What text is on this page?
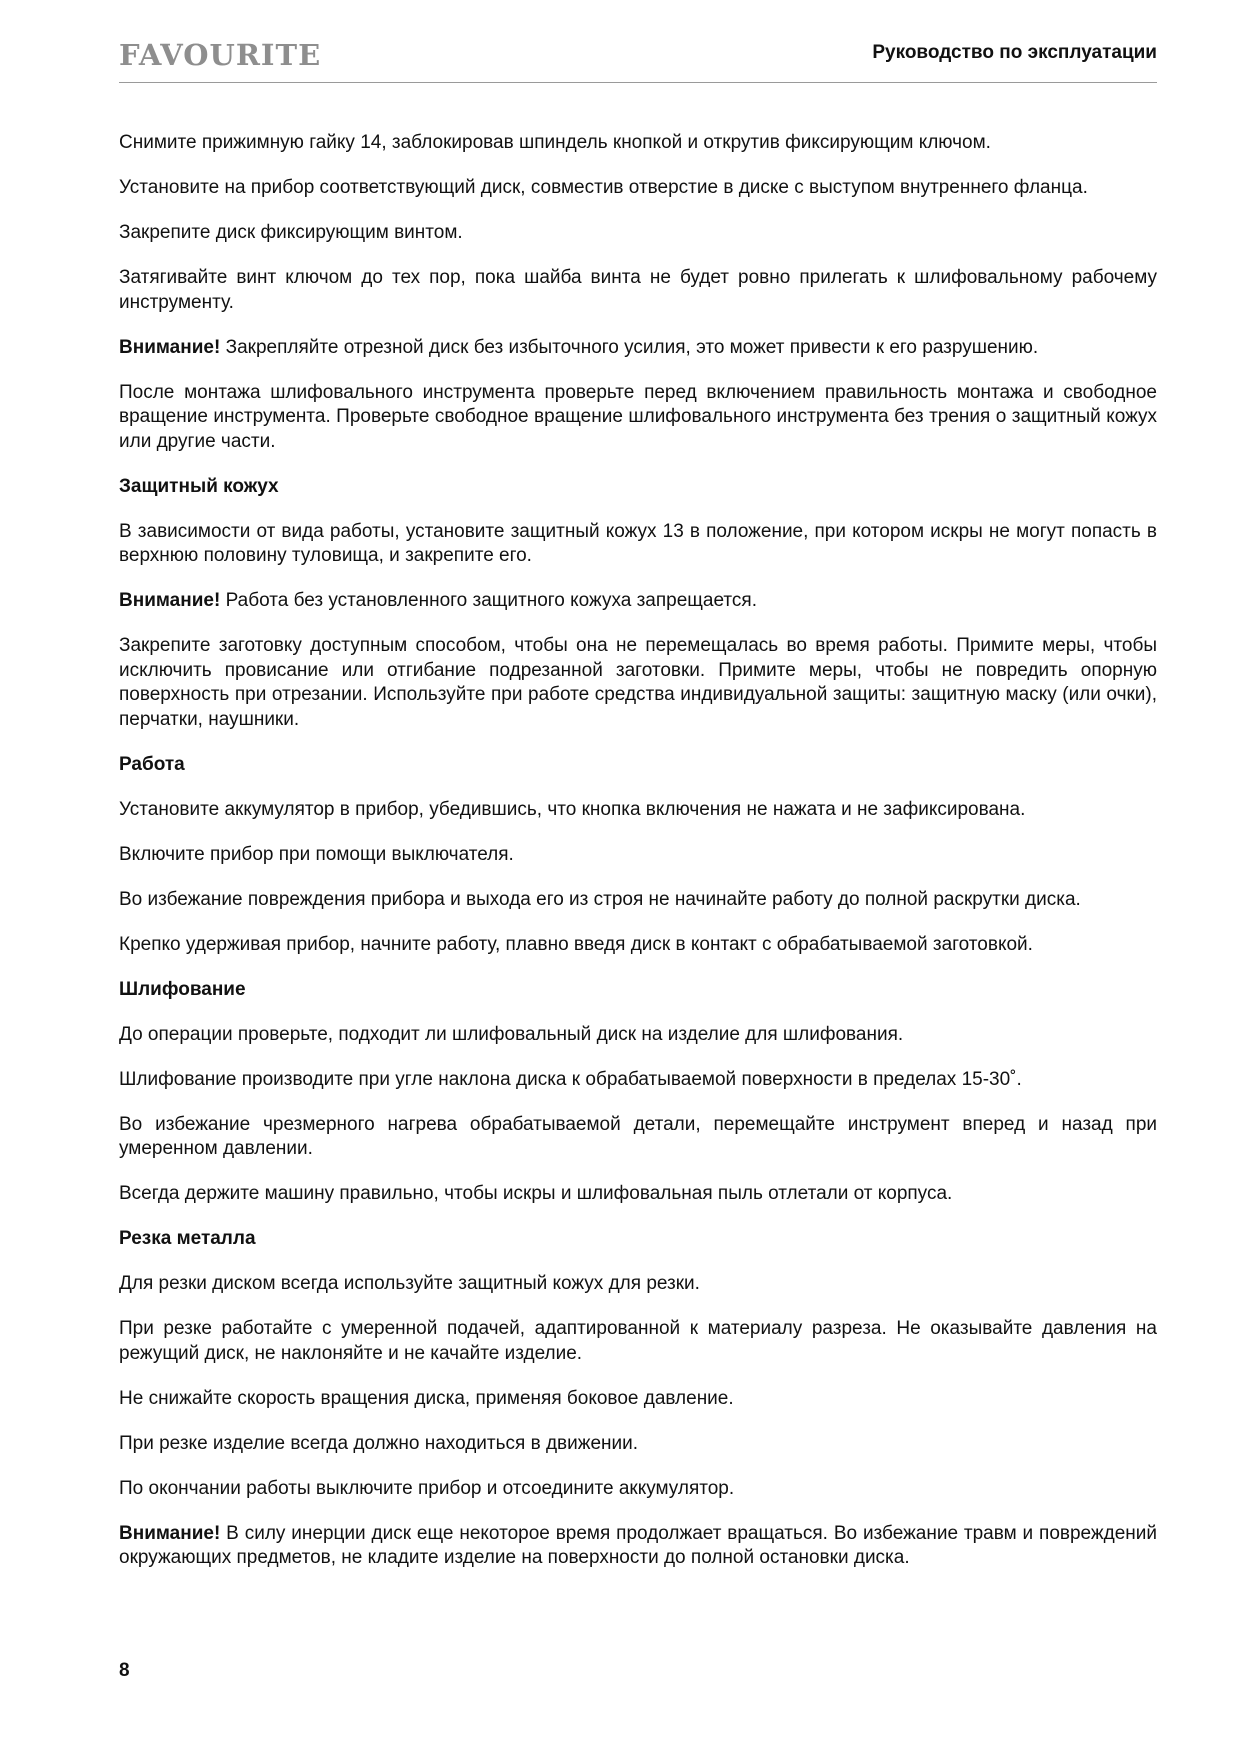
FAVOURITE	Руководство по эксплуатации

Снимите прижимную гайку 14, заблокировав шпиндель кнопкой и открутив фиксирующим ключом.

Установите на прибор соответствующий диск, совместив отверстие в диске с выступом внутреннего фланца.

Закрепите диск фиксирующим винтом.

Затягивайте винт ключом до тех пор, пока шайба винта не будет ровно прилегать к шлифовальному рабочему инструменту.

Внимание! Закрепляйте отрезной диск без избыточного усилия, это может привести к его разрушению.

После монтажа шлифовального инструмента проверьте перед включением правильность монтажа и свободное вращение инструмента. Проверьте свободное вращение шлифовального инструмента без трения о защитный кожух или другие части.

Защитный кожух

В зависимости от вида работы, установите защитный кожух 13 в положение, при котором искры не могут попасть в верхнюю половину туловища, и закрепите его.

Внимание! Работа без установленного защитного кожуха запрещается.

Закрепите заготовку доступным способом, чтобы она не перемещалась во время работы. Примите меры, чтобы исключить провисание или отгибание подрезанной заготовки. Примите меры, чтобы не повредить опорную поверхность при отрезании. Используйте при работе средства индивидуальной защиты: защитную маску (или очки), перчатки, наушники.

Работа

Установите аккумулятор в прибор, убедившись, что кнопка включения не нажата и не зафиксирована.

Включите прибор при помощи выключателя.

Во избежание повреждения прибора и выхода его из строя не начинайте работу до полной раскрутки диска.

Крепко удерживая прибор, начните работу, плавно введя диск в контакт с обрабатываемой заготовкой.

Шлифование

До операции проверьте, подходит ли шлифовальный диск на изделие для шлифования.

Шлифование производите при угле наклона диска к обрабатываемой поверхности в пределах 15-30˚.

Во избежание чрезмерного нагрева обрабатываемой детали, перемещайте инструмент вперед и назад при умеренном давлении.

Всегда держите машину правильно, чтобы искры и шлифовальная пыль отлетали от корпуса.

Резка металла

Для резки диском всегда используйте защитный кожух для резки.

При резке работайте с умеренной подачей, адаптированной к материалу разреза. Не оказывайте давления на режущий диск, не наклоняйте и не качайте изделие.

Не снижайте скорость вращения диска, применяя боковое давление.

При резке изделие всегда должно находиться в движении.

По окончании работы выключите прибор и отсоедините аккумулятор.

Внимание! В силу инерции диск еще некоторое время продолжает вращаться. Во избежание травм и повреждений окружающих предметов, не кладите изделие на поверхности до полной остановки диска.

8
